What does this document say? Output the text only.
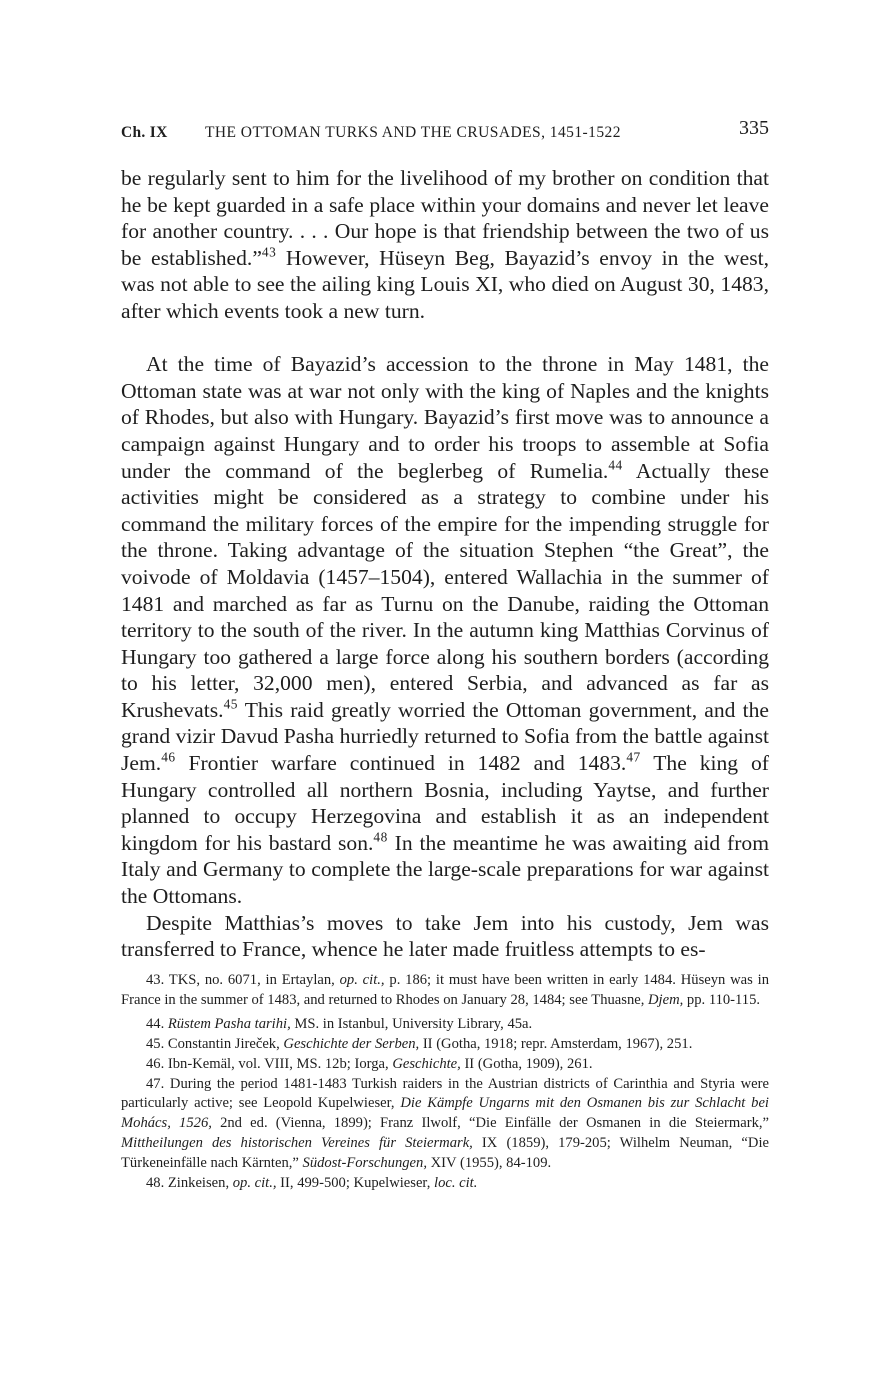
Ch. IX THE OTTOMAN TURKS AND THE CRUSADES, 1451-1522	335

be regularly sent to him for the livelihood of my brother on condition that he be kept guarded in a safe place within your domains and never let leave for another country. . . . Our hope is that friendship between the two of us be established.”$^{43}$ However, Hüseyn Beg, Bayazid’s envoy in the west, was not able to see the ailing king Louis XI, who died on August 30, 1483, after which events took a new turn.

At the time of Bayazid’s accession to the throne in May 1481, the Ottoman state was at war not only with the king of Naples and the knights of Rhodes, but also with Hungary. Bayazid’s first move was to announce a campaign against Hungary and to order his troops to assemble at Sofia under the command of the beglerbeg of Rumelia.$^{44}$ Actually these activities might be considered as a strategy to combine under his command the military forces of the empire for the impending struggle for the throne. Taking advantage of the situation Stephen “the Great”, the voivode of Moldavia (1457–1504), entered Wallachia in the summer of 1481 and marched as far as Turnu on the Danube, raiding the Ottoman territory to the south of the river. In the autumn king Matthias Corvinus of Hungary too gathered a large force along his southern borders (according to his letter, 32,000 men), entered Serbia, and advanced as far as Krushevats.$^{45}$ This raid greatly worried the Ottoman government, and the grand vizir Davud Pasha hurriedly returned to Sofia from the battle against Jem.$^{46}$ Frontier warfare continued in 1482 and 1483.47 The king of Hungary controlled all northern Bosnia, including Yaytse, and further planned to occupy Herzegovina and establish it as an independent kingdom for his bastard son.$^{48}$ In the meantime he was awaiting aid from Italy and Germany to complete the large-scale preparations for war against the Ottomans.

Despite Matthias’s moves to take Jem into his custody, Jem was transferred to France, whence he later made fruitless attempts to es-

43. TKS, no. 6071, in Ertaylan, op. cit., p. 186; it must have been written in early 1484. Hüseyn was in France in the summer of 1483, and returned to Rhodes on January 28, 1484; see Thuasne, Djem, pp. 110-115.

44. Rüstem Pasha tarihi, MS. in Istanbul, University Library, 45a.

45. Constantin Jireček, Geschichte der Serben, II (Gotha, 1918; repr. Amsterdam, 1967), 251.

46. Ibn-Kemäl, vol. VIII, MS. 12b; Iorga, Geschichte, II (Gotha, 1909), 261.

47. During the period 1481-1483 Turkish raiders in the Austrian districts of Carinthia and Styria were particularly active; see Leopold Kupelwieser, Die Kämpfe Ungarns mit den Osmanen bis zur Schlacht bei Mohács, 1526, 2nd ed. (Vienna, 1899); Franz Ilwolf, “Die Einfälle der Osmanen in die Steiermark,” Mittheilungen des historischen Vereines für Steiermark, IX (1859), 179-205; Wilhelm Neuman, “Die Türkeneinfälle nach Kärnten,” Südost-Forschungen, XIV (1955), 84-109.

48. Zinkeisen, op. cit., II, 499-500; Kupelwieser, loc. cit.
